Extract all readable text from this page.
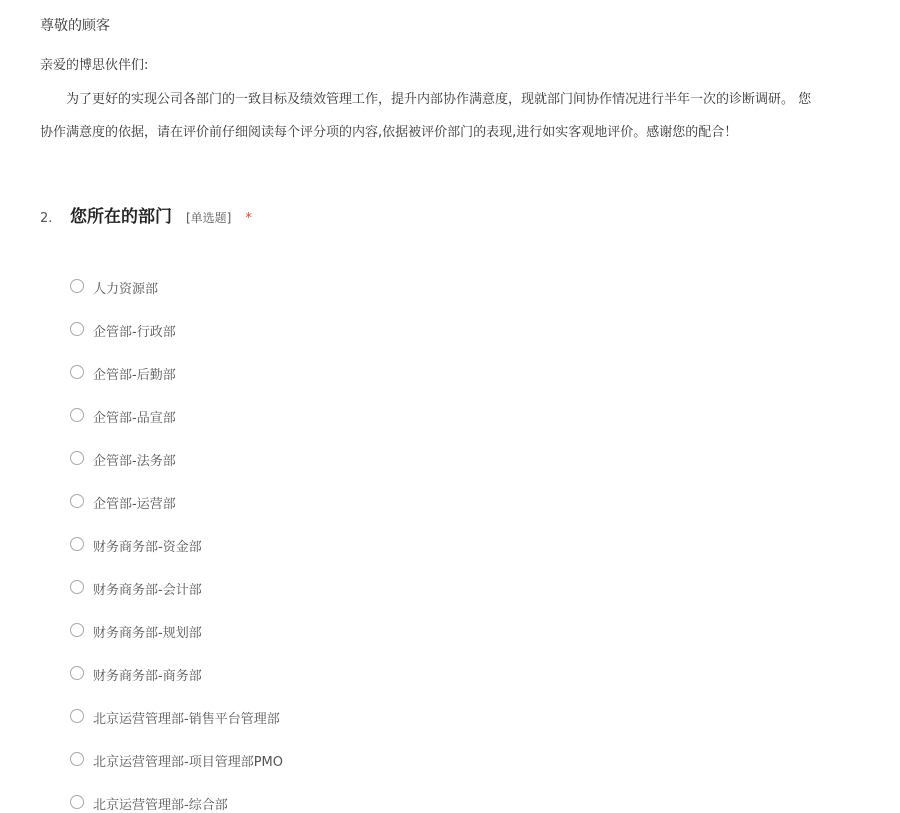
尊敬的顾客
亲爱的博思伙伴们:
为了更好的实现公司各部门的一致目标及绩效管理工作，提升内部协作满意度，现就部门间协作情况进行半年一次的诊断调研。 您
协作满意度的依据，请在评价前仔细阅读每个评分项的内容,依据被评价部门的表现,进行如实客观地评价。感谢您的配合！
2.	您所在的部门 [单选题] *
人力资源部
企管部-行政部
企管部-后勤部
企管部-品宣部
企管部-法务部
企管部-运营部
财务商务部-资金部
财务商务部-会计部
财务商务部-规划部
财务商务部-商务部
北京运营管理部-销售平台管理部
北京运营管理部-项目管理部PMO
北京运营管理部-综合部
